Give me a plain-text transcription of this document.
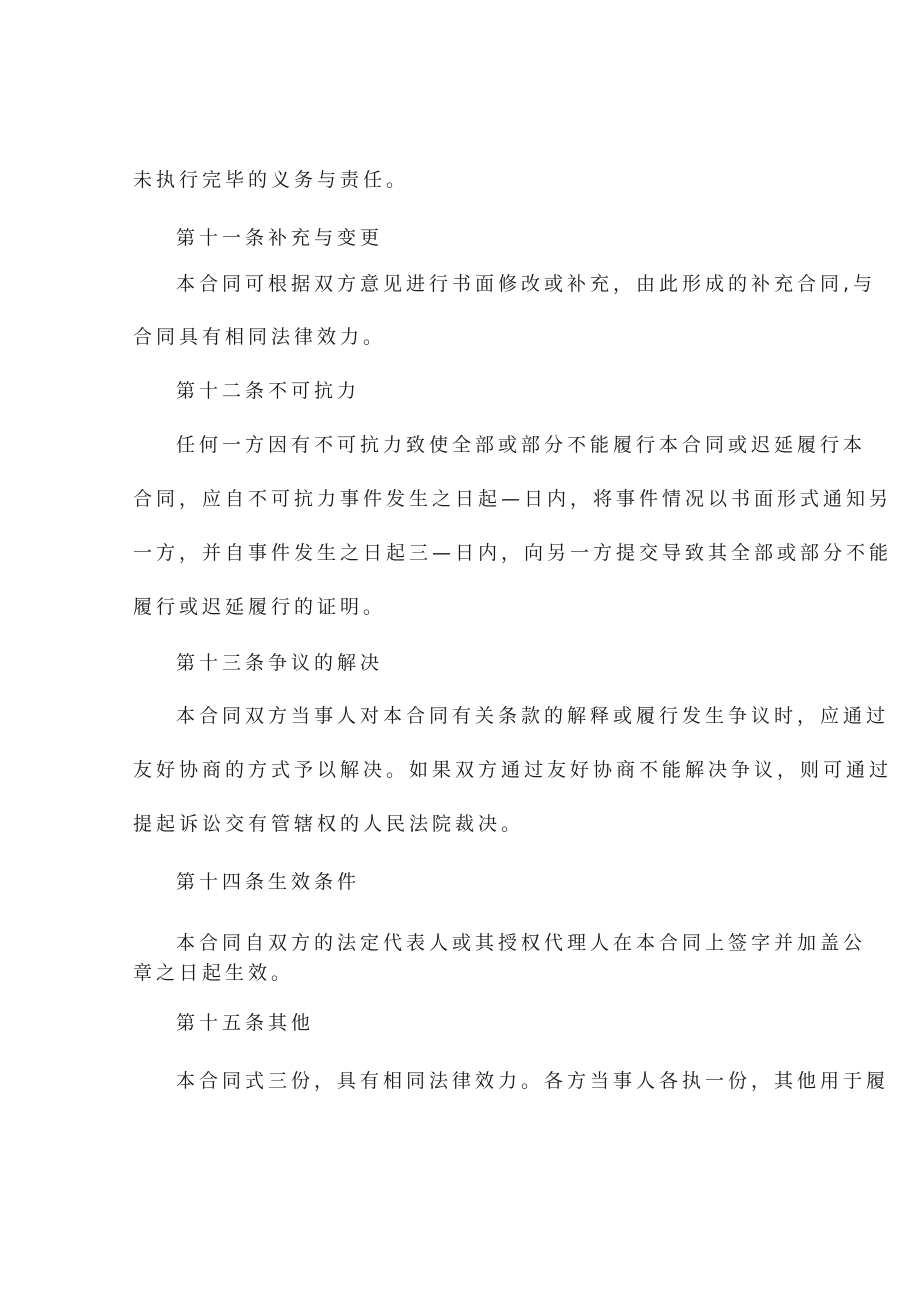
未执行完毕的义务与责任。
第十一条补充与变更
本合同可根据双方意见进行书面修改或补充，由此形成的补充合同,与
合同具有相同法律效力。
第十二条不可抗力
任何一方因有不可抗力致使全部或部分不能履行本合同或迟延履行本
合同，应自不可抗力事件发生之日起—日内，将事件情况以书面形式通知另
一方，并自事件发生之日起三—日内，向另一方提交导致其全部或部分不能
履行或迟延履行的证明。
第十三条争议的解决
本合同双方当事人对本合同有关条款的解释或履行发生争议时，应通过
友好协商的方式予以解决。如果双方通过友好协商不能解决争议，则可通过
提起诉讼交有管辖权的人民法院裁决。
第十四条生效条件
本合同自双方的法定代表人或其授权代理人在本合同上签字并加盖公
章之日起生效。
第十五条其他
本合同式三份，具有相同法律效力。各方当事人各执一份，其他用于履
